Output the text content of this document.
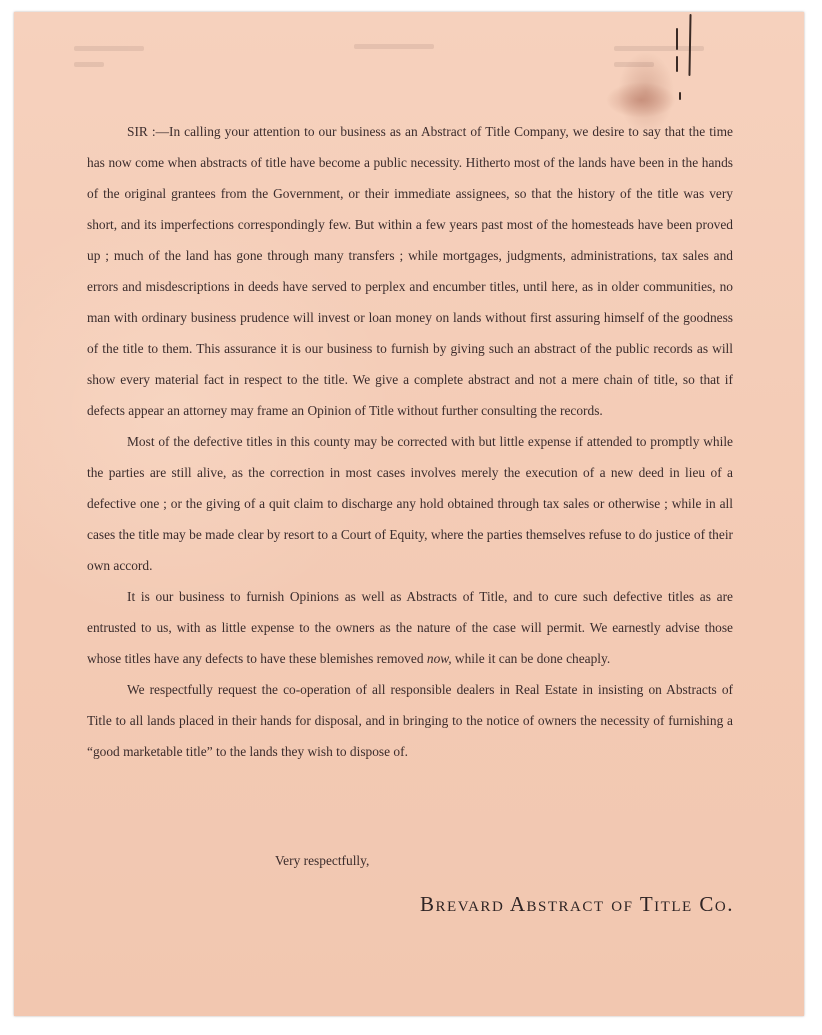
SIR :—In calling your attention to our business as an Abstract of Title Company, we desire to say that the time has now come when abstracts of title have become a public necessity. Hitherto most of the lands have been in the hands of the original grantees from the Government, or their immediate assignees, so that the history of the title was very short, and its imperfections correspondingly few. But within a few years past most of the homesteads have been proved up ; much of the land has gone through many transfers ; while mortgages, judgments, administrations, tax sales and errors and misdescriptions in deeds have served to perplex and encumber titles, until here, as in older communities, no man with ordinary business prudence will invest or loan money on lands without first assuring himself of the goodness of the title to them. This assurance it is our business to furnish by giving such an abstract of the public records as will show every material fact in respect to the title. We give a complete abstract and not a mere chain of title, so that if defects appear an attorney may frame an Opinion of Title without further consulting the records.

Most of the defective titles in this county may be corrected with but little expense if attended to promptly while the parties are still alive, as the correction in most cases involves merely the execution of a new deed in lieu of a defective one ; or the giving of a quit claim to discharge any hold obtained through tax sales or otherwise ; while in all cases the title may be made clear by resort to a Court of Equity, where the parties themselves refuse to do justice of their own accord.

It is our business to furnish Opinions as well as Abstracts of Title, and to cure such defective titles as are entrusted to us, with as little expense to the owners as the nature of the case will permit. We earnestly advise those whose titles have any defects to have these blemishes removed now, while it can be done cheaply.

We respectfully request the co-operation of all responsible dealers in Real Estate in insisting on Abstracts of Title to all lands placed in their hands for disposal, and in bringing to the notice of owners the necessity of furnishing a “good marketable title” to the lands they wish to dispose of.

Very respectfully,
Brevard Abstract of Title Co.
